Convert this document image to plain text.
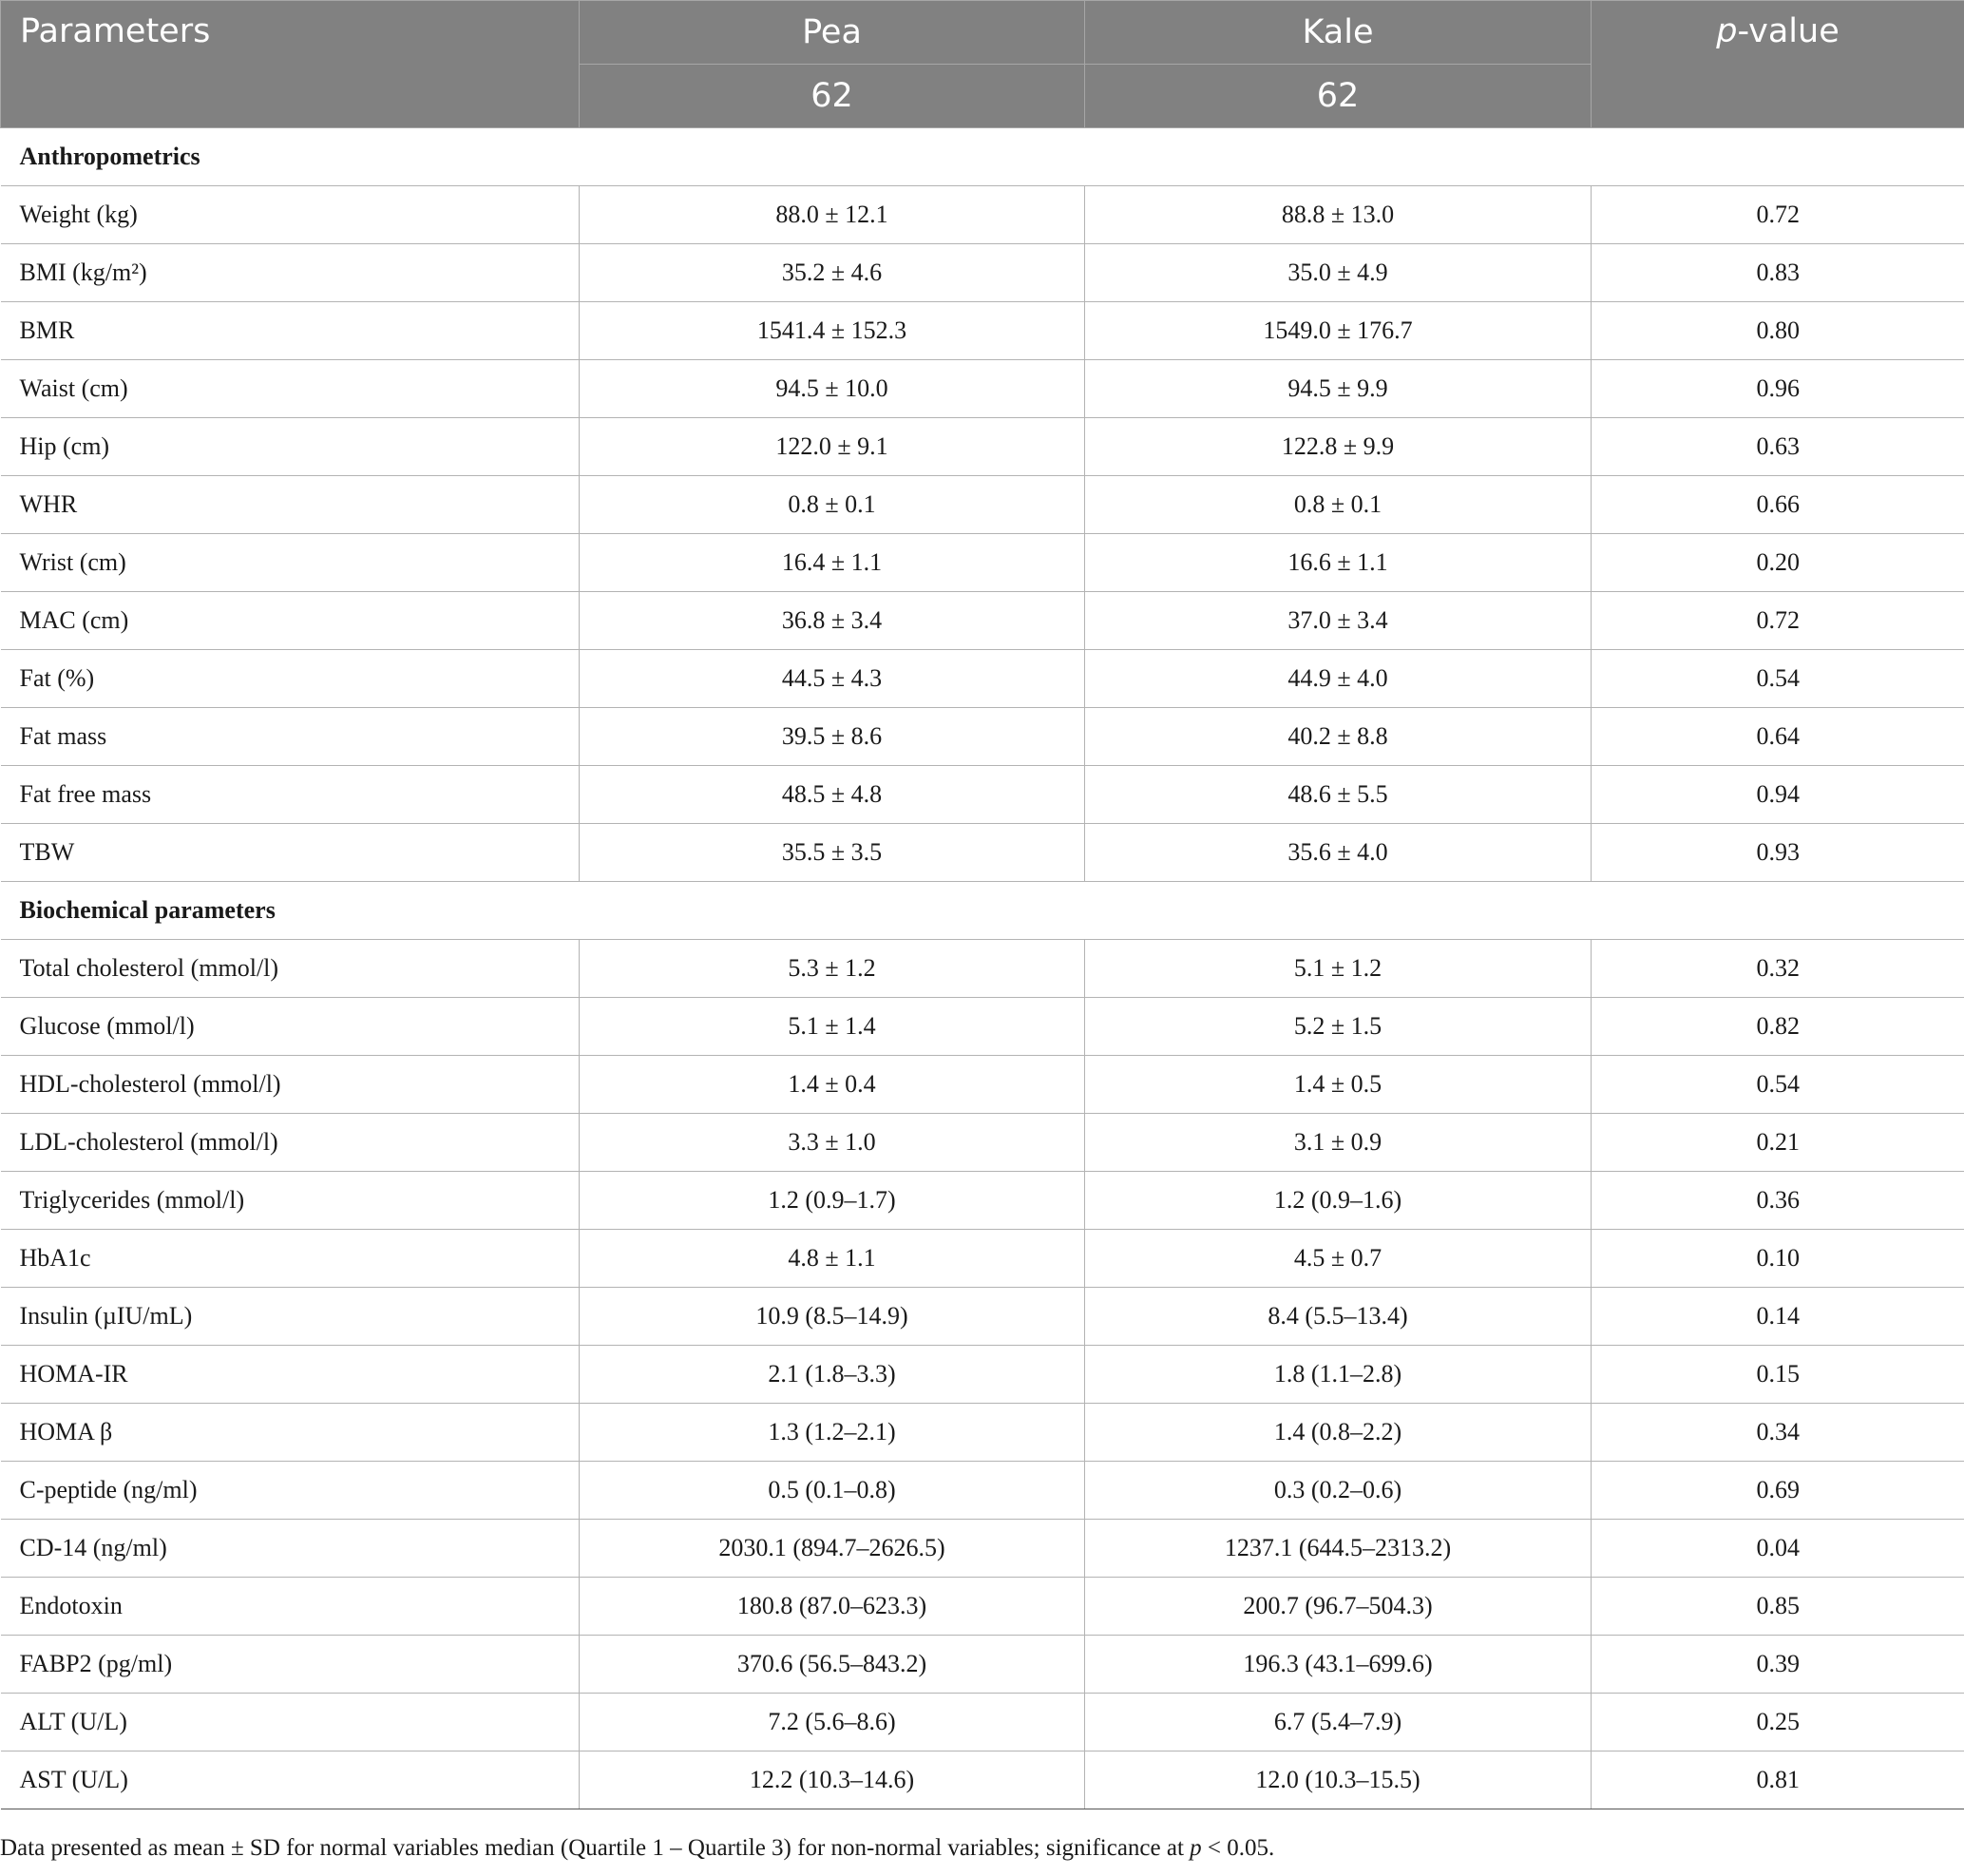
Parameters	Pea	Kale	p-value
	62	62	
Anthropometrics			
Weight (kg)	88.0 ± 12.1	88.8 ± 13.0	0.72
BMI (kg/m²)	35.2 ± 4.6	35.0 ± 4.9	0.83
BMR	1541.4 ± 152.3	1549.0 ± 176.7	0.80
Waist (cm)	94.5 ± 10.0	94.5 ± 9.9	0.96
Hip (cm)	122.0 ± 9.1	122.8 ± 9.9	0.63
WHR	0.8 ± 0.1	0.8 ± 0.1	0.66
Wrist (cm)	16.4 ± 1.1	16.6 ± 1.1	0.20
MAC (cm)	36.8 ± 3.4	37.0 ± 3.4	0.72
Fat (%)	44.5 ± 4.3	44.9 ± 4.0	0.54
Fat mass	39.5 ± 8.6	40.2 ± 8.8	0.64
Fat free mass	48.5 ± 4.8	48.6 ± 5.5	0.94
TBW	35.5 ± 3.5	35.6 ± 4.0	0.93
Biochemical parameters			
Total cholesterol (mmol/l)	5.3 ± 1.2	5.1 ± 1.2	0.32
Glucose (mmol/l)	5.1 ± 1.4	5.2 ± 1.5	0.82
HDL-cholesterol (mmol/l)	1.4 ± 0.4	1.4 ± 0.5	0.54
LDL-cholesterol (mmol/l)	3.3 ± 1.0	3.1 ± 0.9	0.21
Triglycerides (mmol/l)	1.2 (0.9–1.7)	1.2 (0.9–1.6)	0.36
HbA1c	4.8 ± 1.1	4.5 ± 0.7	0.10
Insulin (µIU/mL)	10.9 (8.5–14.9)	8.4 (5.5–13.4)	0.14
HOMA-IR	2.1 (1.8–3.3)	1.8 (1.1–2.8)	0.15
HOMA β	1.3 (1.2–2.1)	1.4 (0.8–2.2)	0.34
C-peptide (ng/ml)	0.5 (0.1–0.8)	0.3 (0.2–0.6)	0.69
CD-14 (ng/ml)	2030.1 (894.7–2626.5)	1237.1 (644.5–2313.2)	0.04
Endotoxin	180.8 (87.0–623.3)	200.7 (96.7–504.3)	0.85
FABP2 (pg/ml)	370.6 (56.5–843.2)	196.3 (43.1–699.6)	0.39
ALT (U/L)	7.2 (5.6–8.6)	6.7 (5.4–7.9)	0.25
AST (U/L)	12.2 (10.3–14.6)	12.0 (10.3–15.5)	0.81
Data presented as mean ± SD for normal variables median (Quartile 1 – Quartile 3) for non-normal variables; significance at p < 0.05.
